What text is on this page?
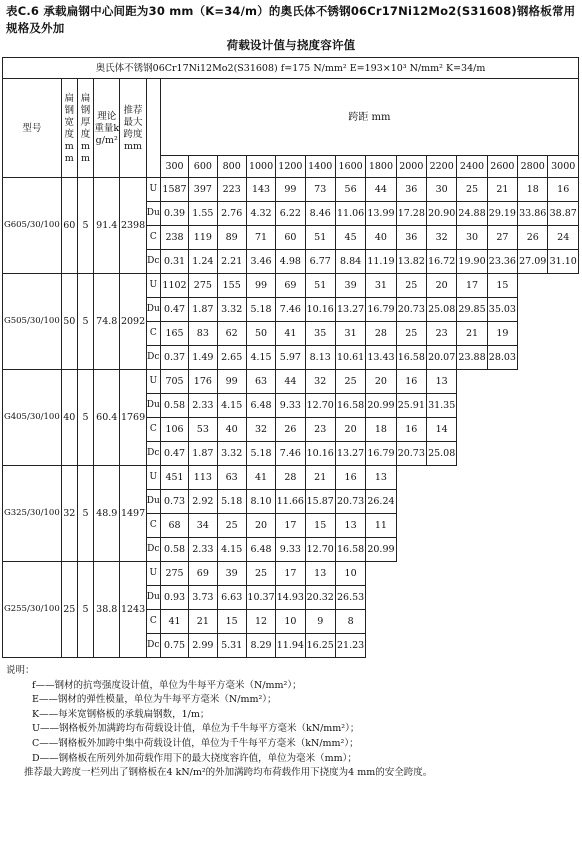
表C.6 承载扁钢中心间距为30 mm（K=34/m）的奥氏体不锈钢06Cr17Ni12Mo2(S31608)钢格板常用规格及外加
荷载设计值与挠度容许值
奥氏体不锈钢06Cr17Ni12Mo2(S31608) f=175 N/mm² E=193×10³ N/mm² K=34/m																			
型号	扁钢宽度mm	扁钢厚度mm	理论重量kg/m²	推荐最大跨度mm		跨距 mm													
						300	600	800	1000	1200	1400	1600	1800	2000	2200	2400	2600	2800	3000
G605/30/100	60	5	91.4	2398	U	1587	397	223	143	99	73	56	44	36	30	25	21	18	16
					Du	0.39	1.55	2.76	4.32	6.22	8.46	11.06	13.99	17.28	20.90	24.88	29.19	33.86	38.87
					C	238	119	89	71	60	51	45	40	36	32	30	27	26	24
					Dc	0.31	1.24	2.21	3.46	4.98	6.77	8.84	11.19	13.82	16.72	19.90	23.36	27.09	31.10
G505/30/100	50	5	74.8	2092	U	1102	275	155	99	69	51	39	31	25	20	17	15		
					Du	0.47	1.87	3.32	5.18	7.46	10.16	13.27	16.79	20.73	25.08	29.85	35.03		
					C	165	83	62	50	41	35	31	28	25	23	21	19		
					Dc	0.37	1.49	2.65	4.15	5.97	8.13	10.61	13.43	16.58	20.07	23.88	28.03		
G405/30/100	40	5	60.4	1769	U	705	176	99	63	44	32	25	20	16	13				
					Du	0.58	2.33	4.15	6.48	9.33	12.70	16.58	20.99	25.91	31.35				
					C	106	53	40	32	26	23	20	18	16	14				
					Dc	0.47	1.87	3.32	5.18	7.46	10.16	13.27	16.79	20.73	25.08				
G325/30/100	32	5	48.9	1497	U	451	113	63	41	28	21	16	13						
					Du	0.73	2.92	5.18	8.10	11.66	15.87	20.73	26.24						
					C	68	34	25	20	17	15	13	11						
					Dc	0.58	2.33	4.15	6.48	9.33	12.70	16.58	20.99						
G255/30/100	25	5	38.8	1243	U	275	69	39	25	17	13	10							
					Du	0.93	3.73	6.63	10.37	14.93	20.32	26.53							
					C	41	21	15	12	10	9	8							
					Dc	0.75	2.99	5.31	8.29	11.94	16.25	21.23							
说明：
f——钢材的抗弯强度设计值，单位为牛每平方毫米（N/mm²）；
E——钢材的弹性模量，单位为牛每平方毫米（N/mm²）；
K——每米宽钢格板的承载扁钢数，1/m；
U——钢格板外加满跨均布荷载设计值，单位为千牛每平方毫米（kN/mm²）；
C——钢格板外加跨中集中荷载设计值，单位为千牛每平方毫米（kN/mm²）；
D——钢格板在所列外加荷载作用下的最大挠度容许值，单位为毫米（mm）；
推荐最大跨度一栏列出了钢格板在4 kN/m²的外加满跨均布荷载作用下挠度为4 mm的安全跨度。
